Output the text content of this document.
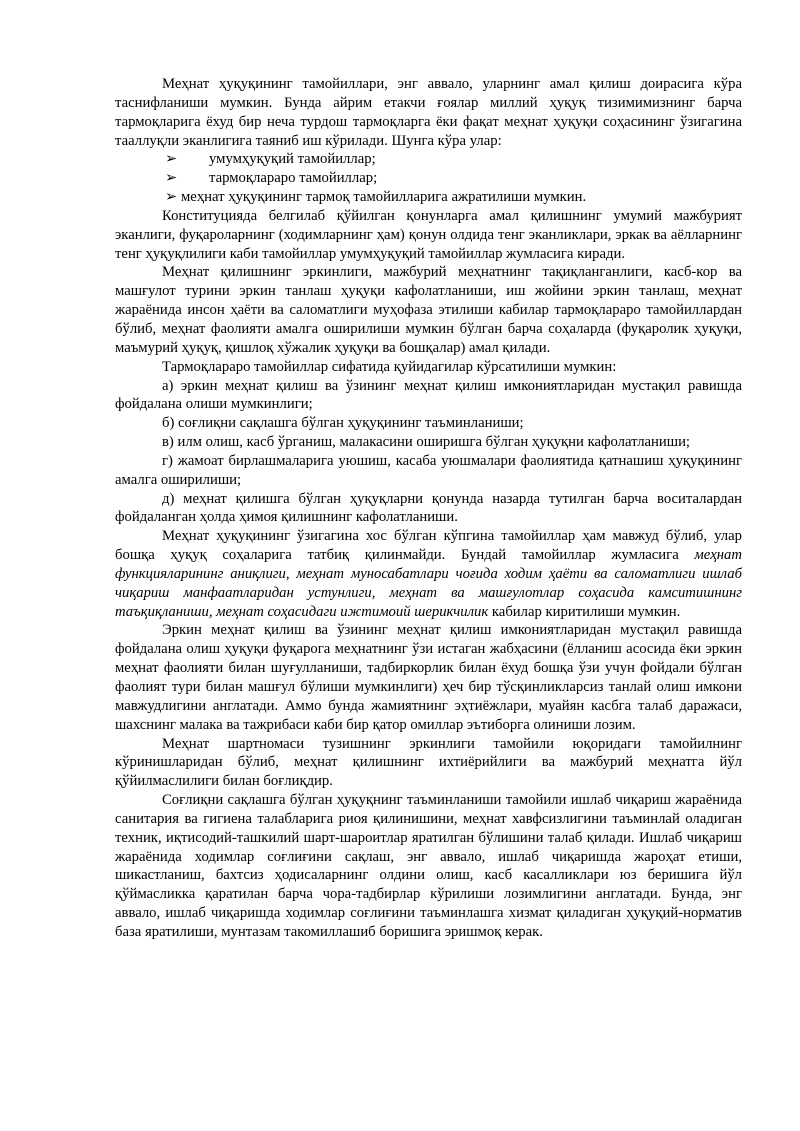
Меҳнат ҳуқуқининг тамойиллари, энг аввало, уларнинг амал қилиш доирасига кўра таснифланиши мумкин. Бунда айрим етакчи ғоялар миллий ҳуқуқ тизимимизнинг барча тармоқларига ёхуд бир неча турдош тармоқларга ёки фақат меҳнат ҳуқуқи соҳасининг ўзигагина тааллуқли эканлигига таяниб иш кўрилади. Шунга кўра улар:

➢ умумҳуқуқий тамойиллар;

➢ тармоқлараро тамойиллар;

➢ меҳнат ҳуқуқининг тармоқ тамойилларига ажратилиши мумкин.

Конституцияда белгилаб қўйилган қонунларга амал қилишнинг умумий мажбурият эканлиги, фуқароларнинг (ходимларнинг ҳам) қонун олдида тенг эканликлари, эркак ва аёлларнинг тенг ҳуқуқлилиги каби тамойиллар умумҳуқуқий тамойиллар жумласига киради.

Меҳнат қилишнинг эркинлиги, мажбурий меҳнатнинг тақиқланганлиги, касб-кор ва машғулот турини эркин танлаш ҳуқуқи кафолатланиши, иш жойини эркин танлаш, меҳнат жараёнида инсон ҳаёти ва саломатлиги муҳофаза этилиши кабилар тармоқлараро тамойиллардан бўлиб, меҳнат фаолияти амалга оширилиши мумкин бўлган барча соҳаларда (фуқаролик ҳуқуқи, маъмурий ҳуқуқ, қишлоқ хўжалик ҳуқуқи ва бошқалар) амал қилади.

Тармоқлараро тамойиллар сифатида қуйидагилар кўрсатилиши мумкин:

а) эркин меҳнат қилиш ва ўзининг меҳнат қилиш имкониятларидан мустақил равишда фойдалана олиши мумкинлиги;

б) соғлиқни сақлашга бўлган ҳуқуқининг таъминланиши;

в) илм олиш, касб ўрганиш, малакасини оширишга бўлган ҳуқуқни кафолатланиши;

г) жамоат бирлашмаларига уюшиш, касаба уюшмалари фаолиятида қатнашиш ҳуқуқининг амалга оширилиши;

д) меҳнат қилишга бўлган ҳуқуқларни қонунда назарда тутилган барча воситалардан фойдаланган ҳолда ҳимоя қилишнинг кафолатланиши.

Меҳнат ҳуқуқининг ўзигагина хос бўлган кўпгина тамойиллар ҳам мавжуд бўлиб, улар бошқа ҳуқуқ соҳаларига татбиқ қилинмайди. Бундай тамойиллар жумласига меҳнат функцияларининг аниқлиги, меҳнат муносабатлари чоғида ходим ҳаёти ва саломатлиги ишлаб чиқариш манфаатларидан устунлиги, меҳнат ва машғулотлар соҳасида камситишнинг таъқиқланиши, меҳнат соҳасидаги ижтимоий шерикчилик кабилар киритилиши мумкин.

Эркин меҳнат қилиш ва ўзининг меҳнат қилиш имкониятларидан мустақил равишда фойдалана олиш ҳуқуқи фуқарога меҳнатнинг ўзи истаган жабҳасини (ёлланиш асосида ёки эркин меҳнат фаолияти билан шуғулланиши, тадбиркорлик билан ёхуд бошқа ўзи учун фойдали бўлган фаолият тури билан машғул бўлиши мумкинлиги) ҳеч бир тўсқинликларсиз танлай олиш имкони мавжудлигини англатади. Аммо бунда жамиятнинг эҳтиёжлари, муайян касбга талаб даражаси, шахснинг малака ва тажрибаси каби бир қатор омиллар эътиборга олиниши лозим.

Меҳнат шартномаси тузишнинг эркинлиги тамойили юқоридаги тамойилнинг кўринишларидан бўлиб, меҳнат қилишнинг ихтиёрийлиги ва мажбурий меҳнатга йўл қўйилмаслилиги билан боғлиқдир.

Соғлиқни сақлашга бўлган ҳуқуқнинг таъминланиши тамойили ишлаб чиқариш жараёнида санитария ва гигиена талабларига риоя қилинишини, меҳнат хавфсизлигини таъминлай оладиган техник, иқтисодий-ташкилий шарт-шароитлар яратилган бўлишини талаб қилади. Ишлаб чиқариш жараёнида ходимлар соғлиғини сақлаш, энг аввало, ишлаб чиқаришда жароҳат етиши, шикастланиш, бахтсиз ҳодисаларнинг олдини олиш, касб касалликлари юз беришига йўл қўймасликка қаратилан барча чора-тадбирлар кўрилиши лозимлигини англатади. Бунда, энг аввало, ишлаб чиқаришда ходимлар соғлиғини таъминлашга хизмат қиладиган ҳуқуқий-норматив база яратилиши, мунтазам такомиллашиб боришига эришмоқ керак.
